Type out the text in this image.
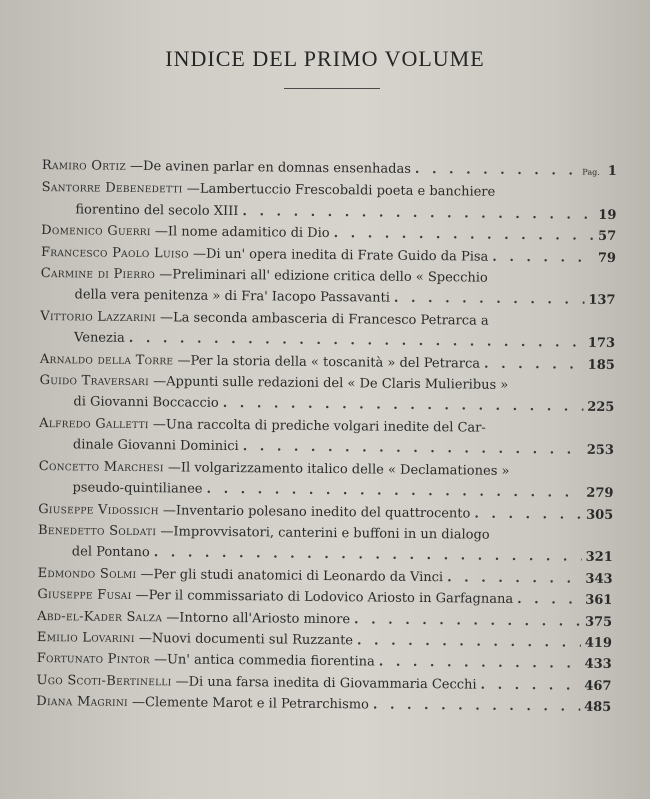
INDICE DEL PRIMO VOLUME
Ramiro Ortiz — De avinen parlar en domnas ensenhadas . . .	Pag. 1
Santorre Debenedetti — Lambertuccio Frescobaldi poeta e banchiere
fiorentino del secolo XIII . . .	19
Domenico Guerri — Il nome adamitico di Dio . . .	57
Francesco Paolo Luiso — Di un' opera inedita di Frate Guido da Pisa . . .	79
Carmine di Pierro — Preliminari all' edizione critica dello « Specchio
della vera penitenza » di Fra' Iacopo Passavanti . . .	137
Vittorio Lazzarini — La seconda ambasceria di Francesco Petrarca a
Venezia . . .	173
Arnaldo della Torre — Per la storia della « toscanità » del Petrarca . . .	185
Guido Traversari — Appunti sulle redazioni del « De Claris Mulieribus »
di Giovanni Boccaccio . . .	225
Alfredo Galletti — Una raccolta di prediche volgari inedite del Car-
dinale Giovanni Dominici . . .	253
Concetto Marchesi — Il volgarizzamento italico delle « Declamationes »
pseudo-quintilianee . . .	279
Giuseppe Vidossich — Inventario polesano inedito del quattrocento . . .	305
Benedetto Soldati — Improvvisatori, canterini e buffoni in un dialogo
del Pontano . . .	321
Edmondo Solmi — Per gli studi anatomici di Leonardo da Vinci . . .	343
Giuseppe Fusai — Per il commissariato di Lodovico Ariosto in Garfagnana . . .	361
Abd-el-Kader Salza — Intorno all'Ariosto minore . . .	375
Emilio Lovarini — Nuovi documenti sul Ruzzante . . .	419
Fortunato Pintor — Un' antica commedia fiorentina . . .	433
Ugo Scoti-Bertinelli — Di una farsa inedita di Giovammaria Cecchi . . .	467
Diana Magrini — Clemente Marot e il Petrarchismo . . .	485
